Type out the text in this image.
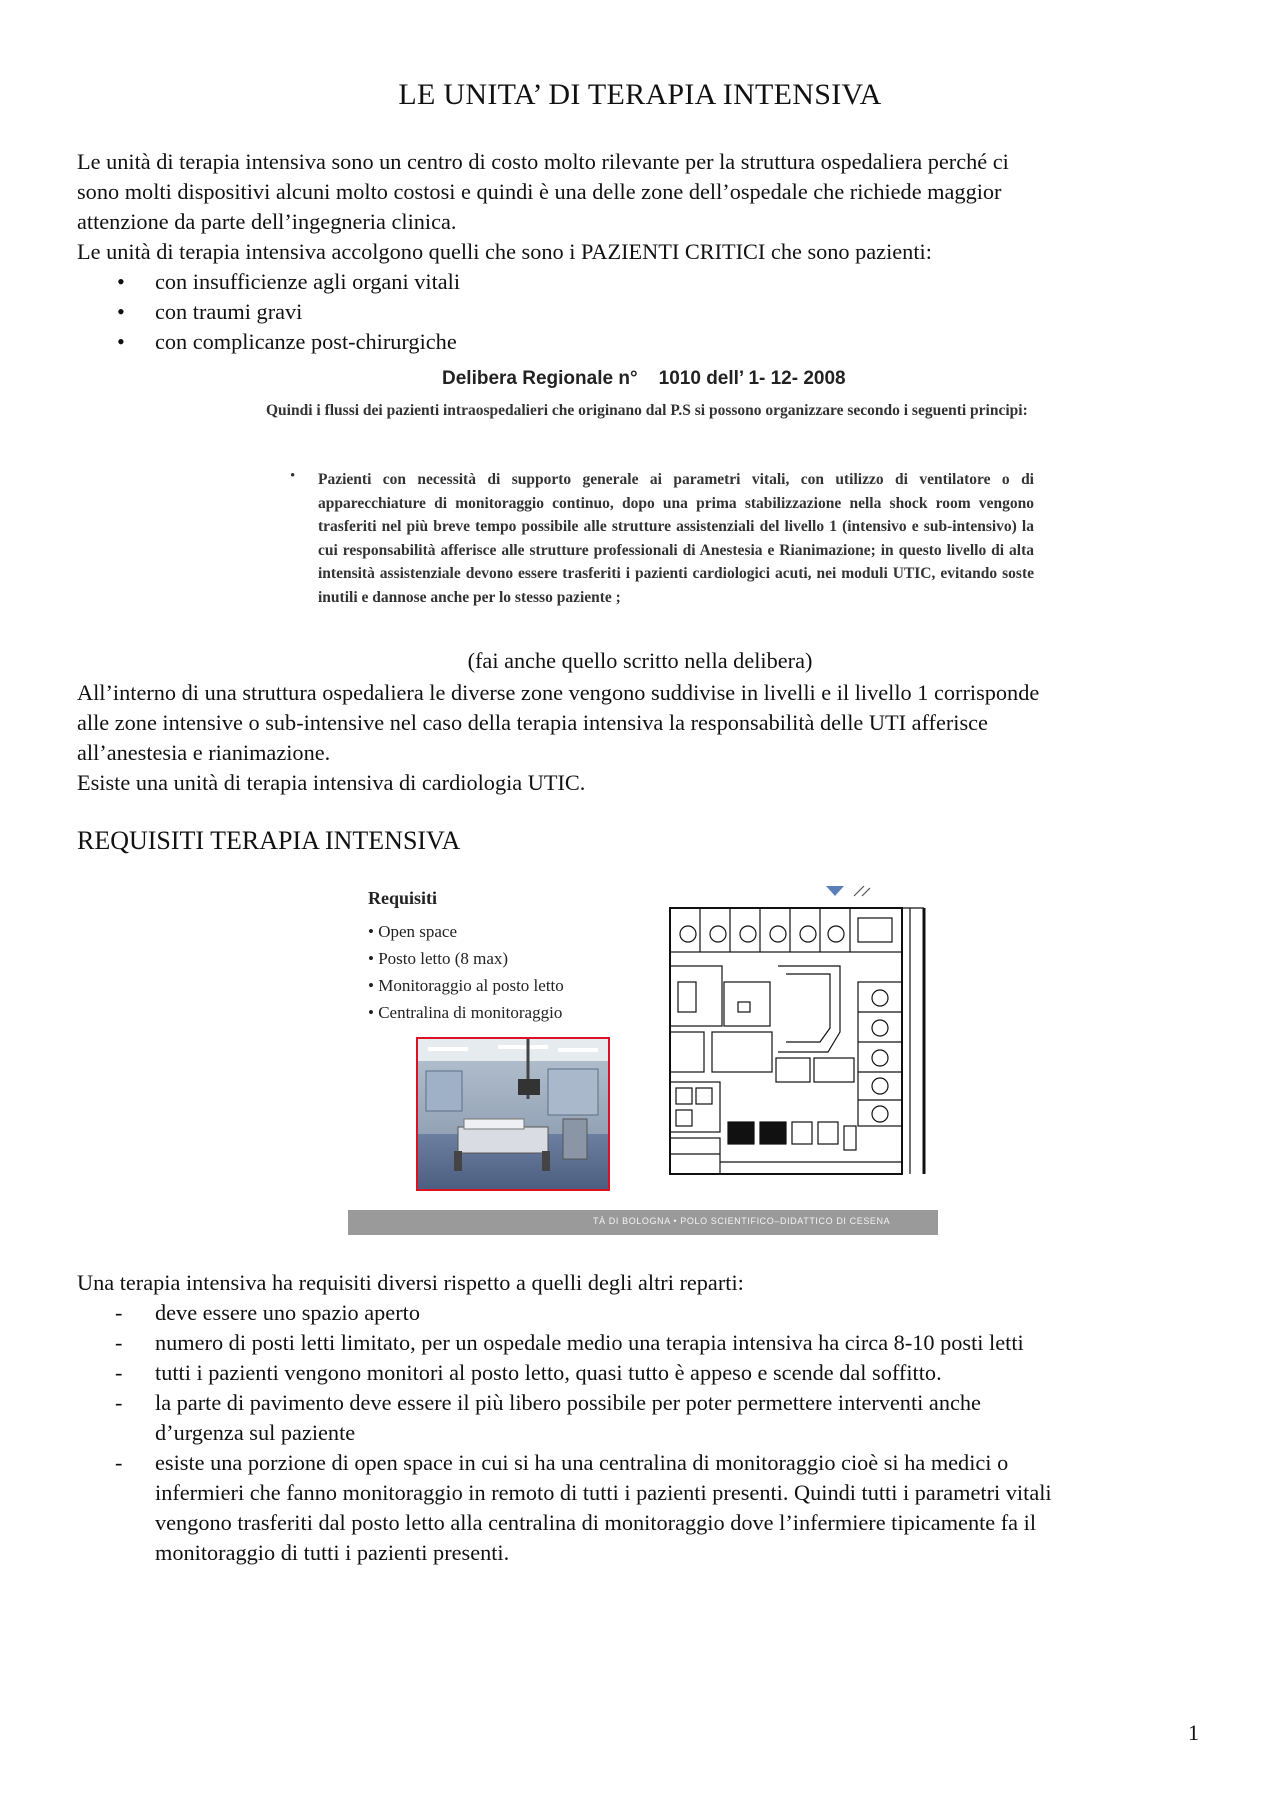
LE UNITA’ DI TERAPIA INTENSIVA
Le unità di terapia intensiva sono un centro di costo molto rilevante per la struttura ospedaliera perché ci
sono molti dispositivi alcuni molto costosi e quindi è una delle zone dell’ospedale che richiede maggior
attenzione da parte dell’ingegneria clinica.
Le unità di terapia intensiva accolgono quelli che sono i PAZIENTI CRITICI che sono pazienti:
• con insufficienze agli organi vitali
• con traumi gravi
• con complicanze post-chirurgiche
Delibera Regionale n°    1010 dell’ 1- 12- 2008
Quindi i flussi dei pazienti intraospedalieri che originano dal P.S si possono organizzare secondo i seguenti principi:
• Pazienti con necessità di supporto generale ai parametri vitali, con utilizzo di ventilatore o di apparecchiature di monitoraggio continuo, dopo una prima stabilizzazione nella shock room vengono trasferiti nel più breve tempo possibile alle strutture assistenziali del livello 1 (intensivo e sub-intensivo) la cui responsabilità afferisce alle strutture professionali di Anestesia e Rianimazione; in questo livello di alta intensità assistenziale devono essere trasferiti i pazienti cardiologici acuti, nei moduli UTIC, evitando soste inutili e dannose anche per lo stesso paziente ;
(fai anche quello scritto nella delibera)
All’interno di una struttura ospedaliera le diverse zone vengono suddivise in livelli e il livello 1 corrisponde
alle zone intensive o sub-intensive nel caso della terapia intensiva la responsabilità delle UTI afferisce
all’anestesia e rianimazione.
Esiste una unità di terapia intensiva di cardiologia UTIC.
REQUISITI TERAPIA INTENSIVA
Requisiti
• Open space
• Posto letto (8 max)
• Monitoraggio al posto letto
• Centralina di monitoraggio
TÀ DI BOLOGNA • POLO SCIENTIFICO–DIDATTICO DI CESENA
Una terapia intensiva ha requisiti diversi rispetto a quelli degli altri reparti:
- deve essere uno spazio aperto
- numero di posti letti limitato, per un ospedale medio una terapia intensiva ha circa 8-10 posti letti
- tutti i pazienti vengono monitori al posto letto, quasi tutto è appeso e scende dal soffitto.
- la parte di pavimento deve essere il più libero possibile per poter permettere interventi anche
d’urgenza sul paziente
- esiste una porzione di open space in cui si ha una centralina di monitoraggio cioè si ha medici o
infermieri che fanno monitoraggio in remoto di tutti i pazienti presenti. Quindi tutti i parametri vitali
vengono trasferiti dal posto letto alla centralina di monitoraggio dove l’infermiere tipicamente fa il
monitoraggio di tutti i pazienti presenti.
1
